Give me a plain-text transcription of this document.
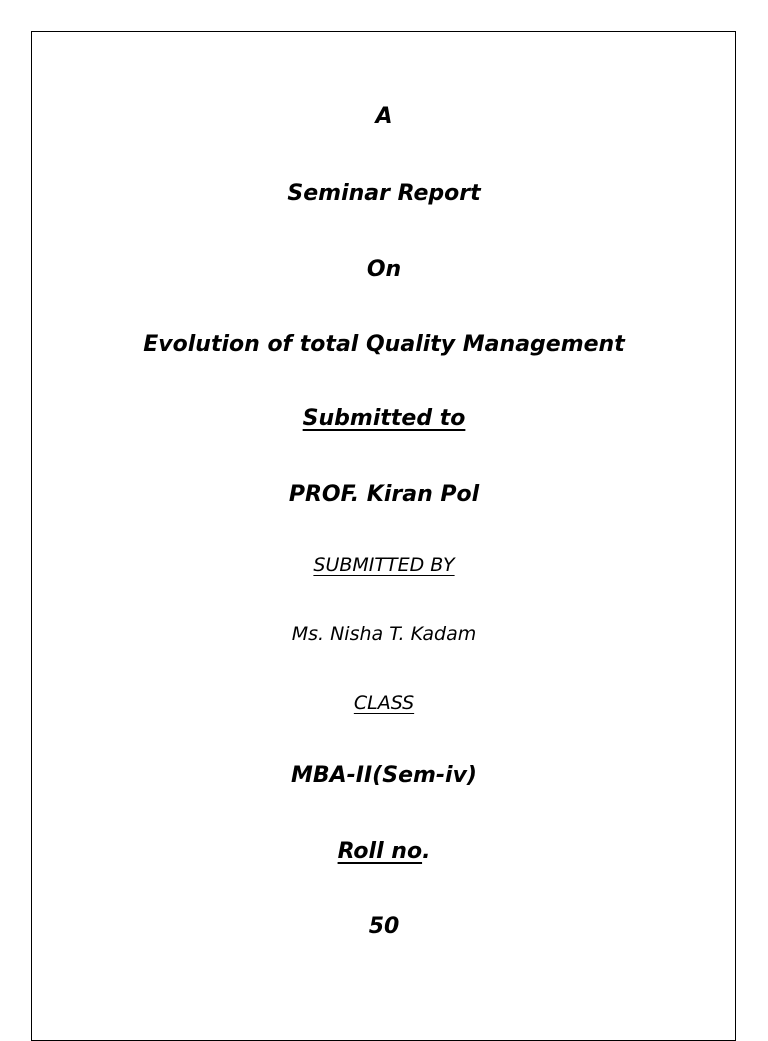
A
Seminar Report
On
Evolution of total Quality Management
Submitted to
PROF. Kiran Pol
SUBMITTED BY
Ms. Nisha T. Kadam
CLASS
MBA-II(Sem-iv)
Roll no.
50
